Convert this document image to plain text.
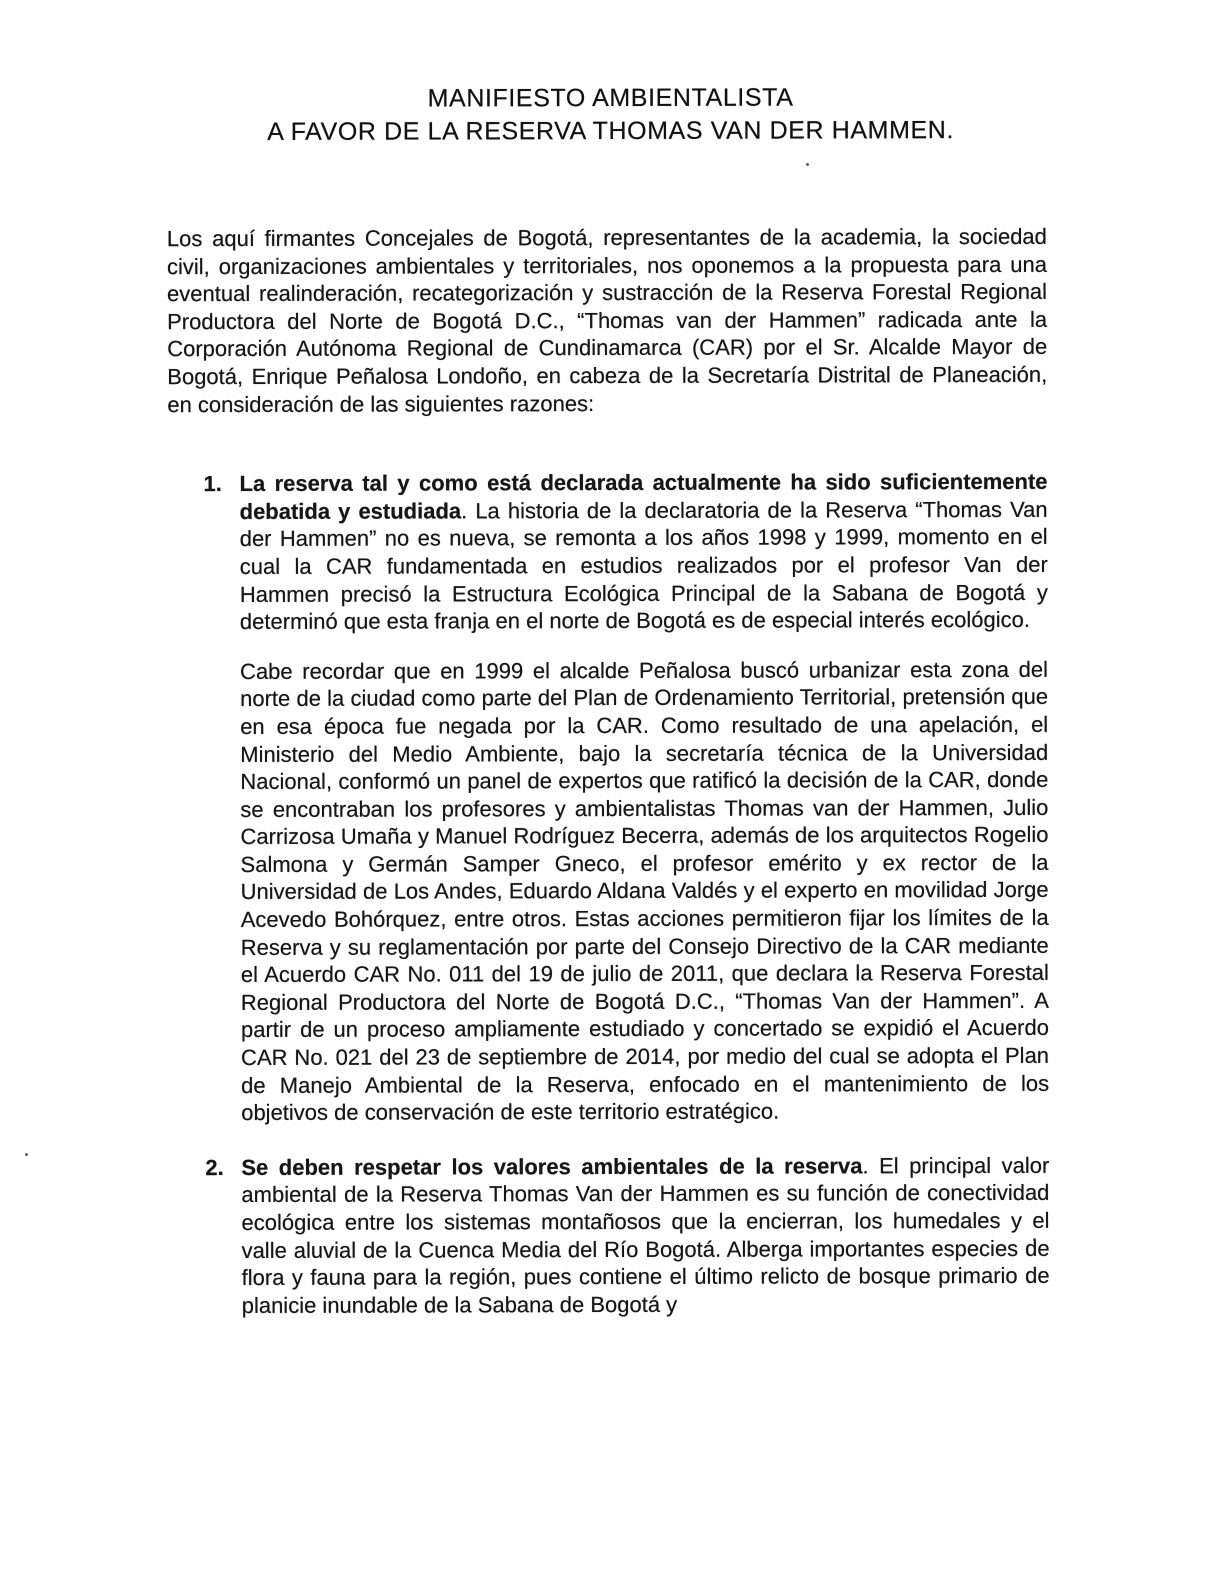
MANIFIESTO AMBIENTALISTA
A FAVOR DE LA RESERVA THOMAS VAN DER HAMMEN.

Los aquí firmantes Concejales de Bogotá, representantes de la academia, la sociedad civil, organizaciones ambientales y territoriales, nos oponemos a la propuesta para una eventual realinderación, recategorización y sustracción de la Reserva Forestal Regional Productora del Norte de Bogotá D.C., “Thomas van der Hammen” radicada ante la Corporación Autónoma Regional de Cundinamarca (CAR) por el Sr. Alcalde Mayor de Bogotá, Enrique Peñalosa Londoño, en cabeza de la Secretaría Distrital de Planeación, en consideración de las siguientes razones:

1. La reserva tal y como está declarada actualmente ha sido suficientemente debatida y estudiada. La historia de la declaratoria de la Reserva “Thomas Van der Hammen” no es nueva, se remonta a los años 1998 y 1999, momento en el cual la CAR fundamentada en estudios realizados por el profesor Van der Hammen precisó la Estructura Ecológica Principal de la Sabana de Bogotá y determinó que esta franja en el norte de Bogotá es de especial interés ecológico.

Cabe recordar que en 1999 el alcalde Peñalosa buscó urbanizar esta zona del norte de la ciudad como parte del Plan de Ordenamiento Territorial, pretensión que en esa época fue negada por la CAR. Como resultado de una apelación, el Ministerio del Medio Ambiente, bajo la secretaría técnica de la Universidad Nacional, conformó un panel de expertos que ratificó la decisión de la CAR, donde se encontraban los profesores y ambientalistas Thomas van der Hammen, Julio Carrizosa Umaña y Manuel Rodríguez Becerra, además de los arquitectos Rogelio Salmona y Germán Samper Gneco, el profesor emérito y ex rector de la Universidad de Los Andes, Eduardo Aldana Valdés y el experto en movilidad Jorge Acevedo Bohórquez, entre otros. Estas acciones permitieron fijar los límites de la Reserva y su reglamentación por parte del Consejo Directivo de la CAR mediante el Acuerdo CAR No. 011 del 19 de julio de 2011, que declara la Reserva Forestal Regional Productora del Norte de Bogotá D.C., “Thomas Van der Hammen”. A partir de un proceso ampliamente estudiado y concertado se expidió el Acuerdo CAR No. 021 del 23 de septiembre de 2014, por medio del cual se adopta el Plan de Manejo Ambiental de la Reserva, enfocado en el mantenimiento de los objetivos de conservación de este territorio estratégico.

2. Se deben respetar los valores ambientales de la reserva. El principal valor ambiental de la Reserva Thomas Van der Hammen es su función de conectividad ecológica entre los sistemas montañosos que la encierran, los humedales y el valle aluvial de la Cuenca Media del Río Bogotá. Alberga importantes especies de flora y fauna para la región, pues contiene el último relicto de bosque primario de planicie inundable de la Sabana de Bogotá y
